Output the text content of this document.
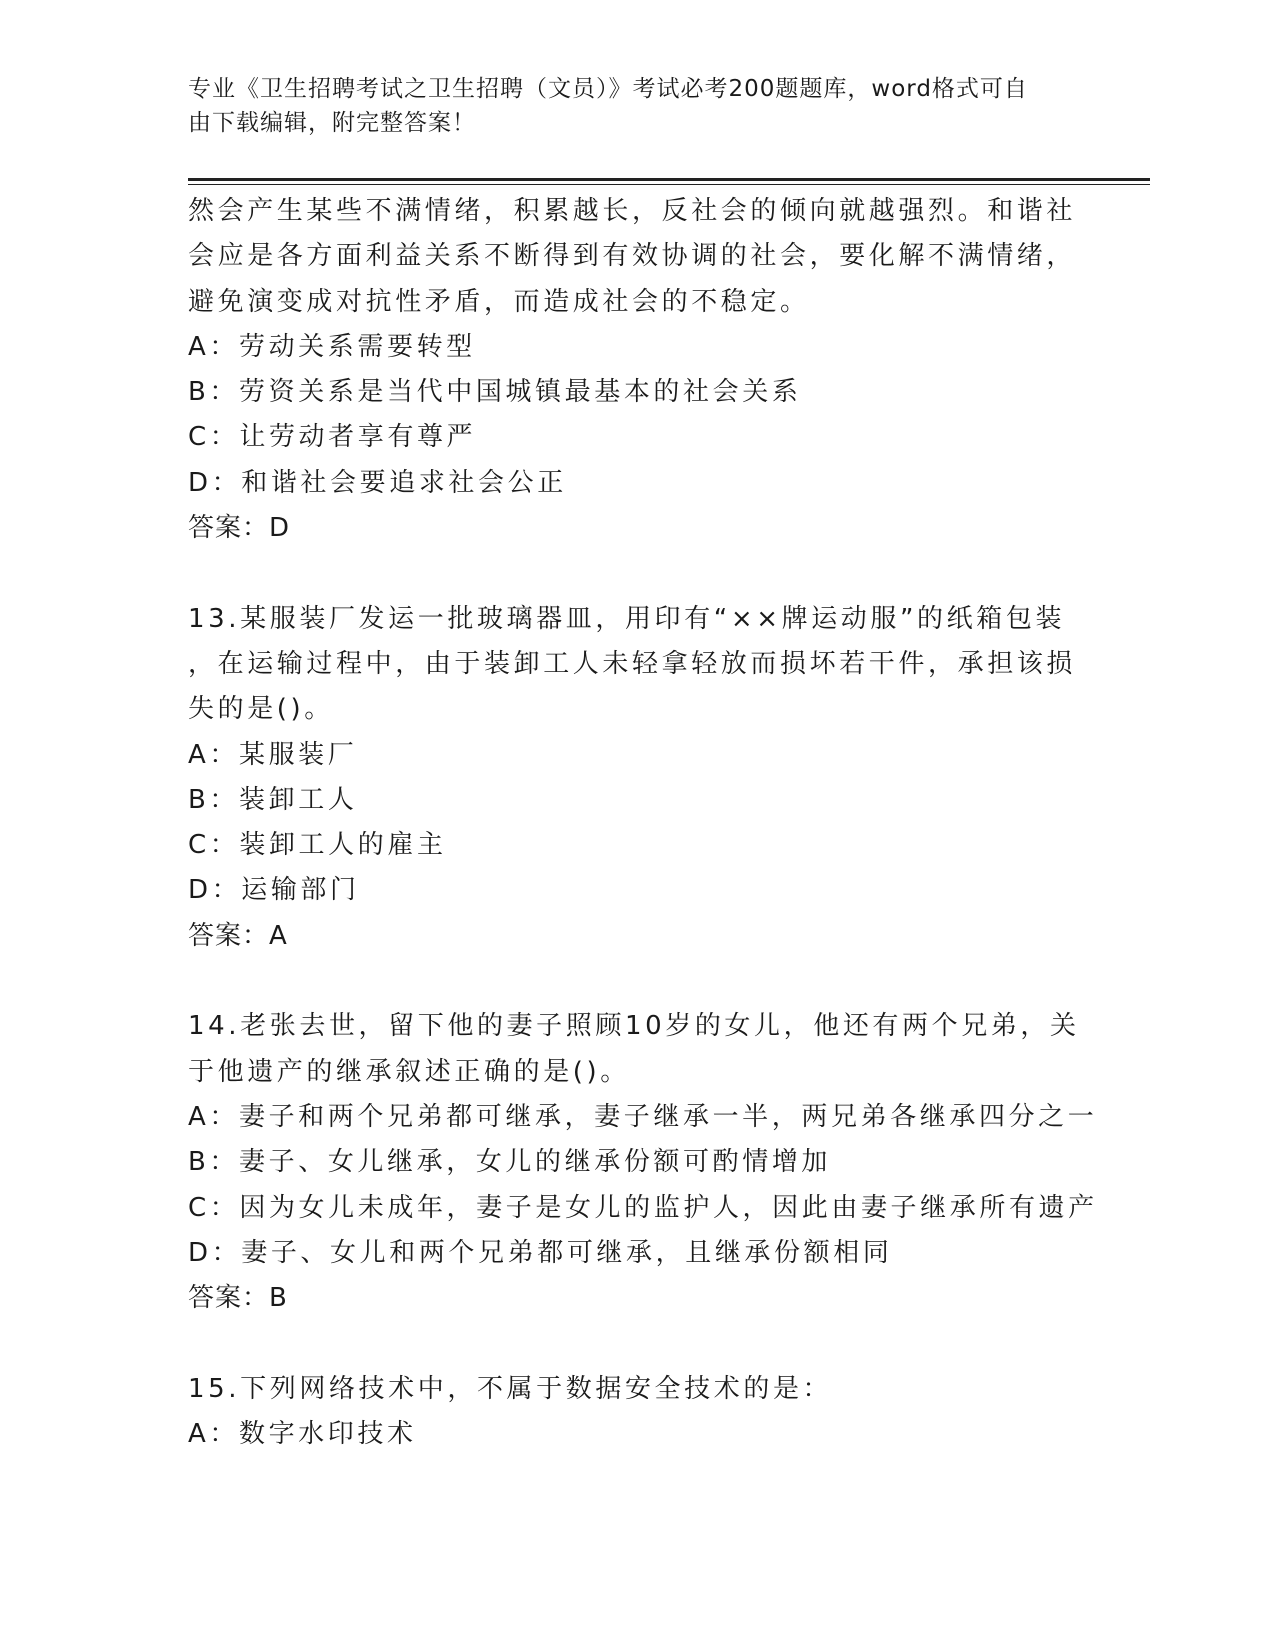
专业《卫生招聘考试之卫生招聘（文员）》考试必考200题题库，word格式可自
由下载编辑，附完整答案！
然会产生某些不满情绪，积累越长，反社会的倾向就越强烈。和谐社
会应是各方面利益关系不断得到有效协调的社会，要化解不满情绪，
避免演变成对抗性矛盾，而造成社会的不稳定。
A：劳动关系需要转型
B：劳资关系是当代中国城镇最基本的社会关系
C：让劳动者享有尊严
D：和谐社会要追求社会公正
答案：D
13.某服装厂发运一批玻璃器皿，用印有“××牌运动服”的纸箱包装
，在运输过程中，由于装卸工人未轻拿轻放而损坏若干件，承担该损
失的是()。
A：某服装厂
B：装卸工人
C：装卸工人的雇主
D：运输部门
答案：A
14.老张去世，留下他的妻子照顾10岁的女儿，他还有两个兄弟，关
于他遗产的继承叙述正确的是()。
A：妻子和两个兄弟都可继承，妻子继承一半，两兄弟各继承四分之一
B：妻子、女儿继承，女儿的继承份额可酌情增加
C：因为女儿未成年，妻子是女儿的监护人，因此由妻子继承所有遗产
D：妻子、女儿和两个兄弟都可继承，且继承份额相同
答案：B
15.下列网络技术中，不属于数据安全技术的是：
A：数字水印技术
